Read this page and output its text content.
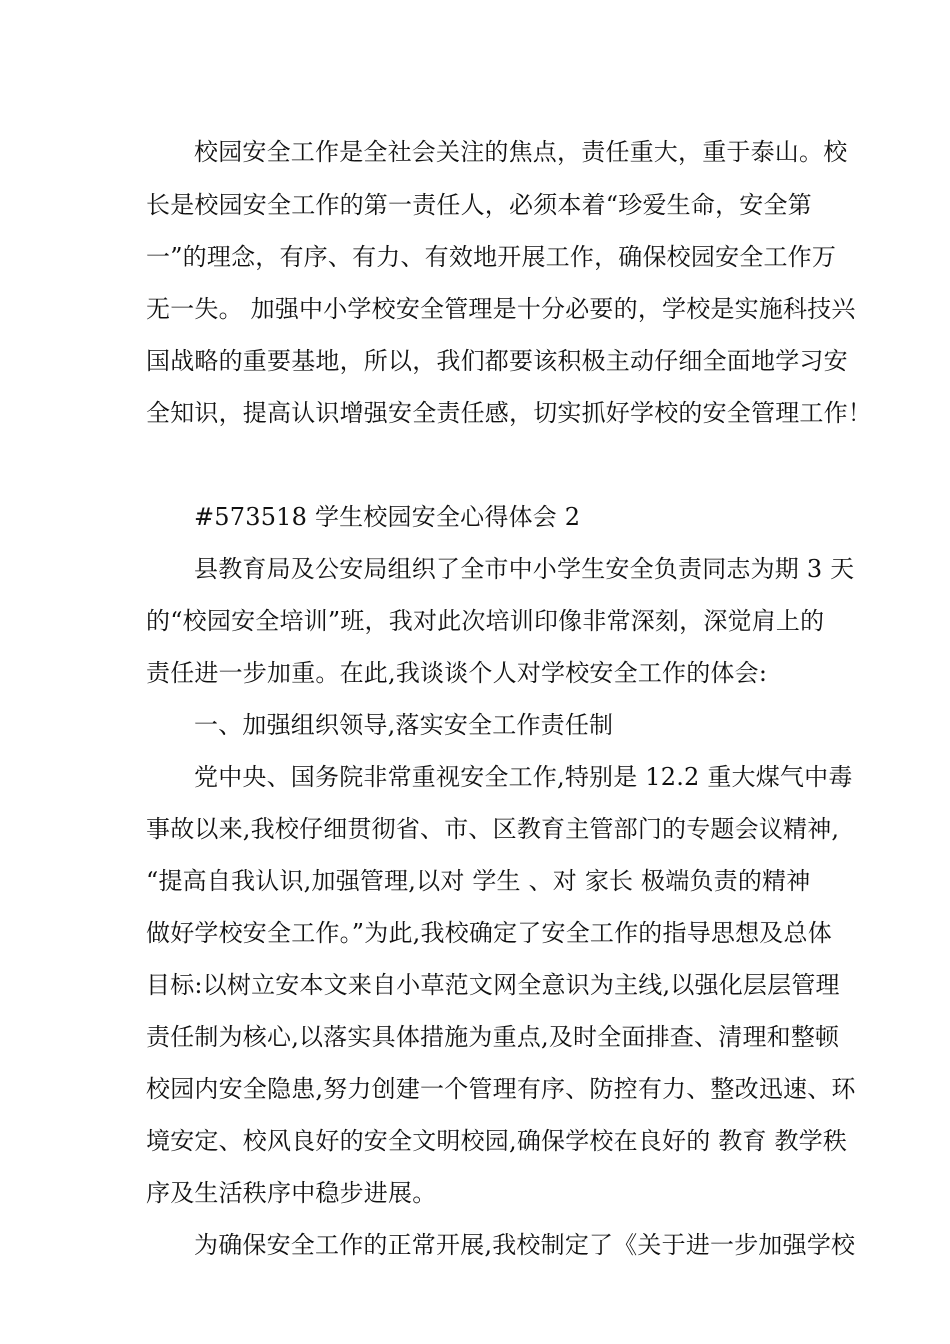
校园安全工作是全社会关注的焦点，责任重大，重于泰山。校
长是校园安全工作的第一责任人，必须本着“珍爱生命，安全第
一”的理念，有序、有力、有效地开展工作，确保校园安全工作万
无一失。 加强中小学校安全管理是十分必要的，学校是实施科技兴
国战略的重要基地，所以，我们都要该积极主动仔细全面地学习安
全知识，提高认识增强安全责任感，切实抓好学校的安全管理工作！
#573518 学生校园安全心得体会 2
县教育局及公安局组织了全市中小学生安全负责同志为期 3 天
的“校园安全培训”班，我对此次培训印像非常深刻，深觉肩上的
责任进一步加重。在此,我谈谈个人对学校安全工作的体会:
一、加强组织领导,落实安全工作责任制
党中央、国务院非常重视安全工作,特别是 12.2 重大煤气中毒
事故以来,我校仔细贯彻省、市、区教育主管部门的专题会议精神,
“提高自我认识,加强管理,以对 学生 、对 家长 极端负责的精神
做好学校安全工作。”为此,我校确定了安全工作的指导思想及总体
目标:以树立安本文来自小草范文网全意识为主线,以强化层层管理
责任制为核心,以落实具体措施为重点,及时全面排查、清理和整顿
校园内安全隐患,努力创建一个管理有序、防控有力、整改迅速、环
境安定、校风良好的安全文明校园,确保学校在良好的 教育 教学秩
序及生活秩序中稳步进展。
为确保安全工作的正常开展,我校制定了《关于进一步加强学校
